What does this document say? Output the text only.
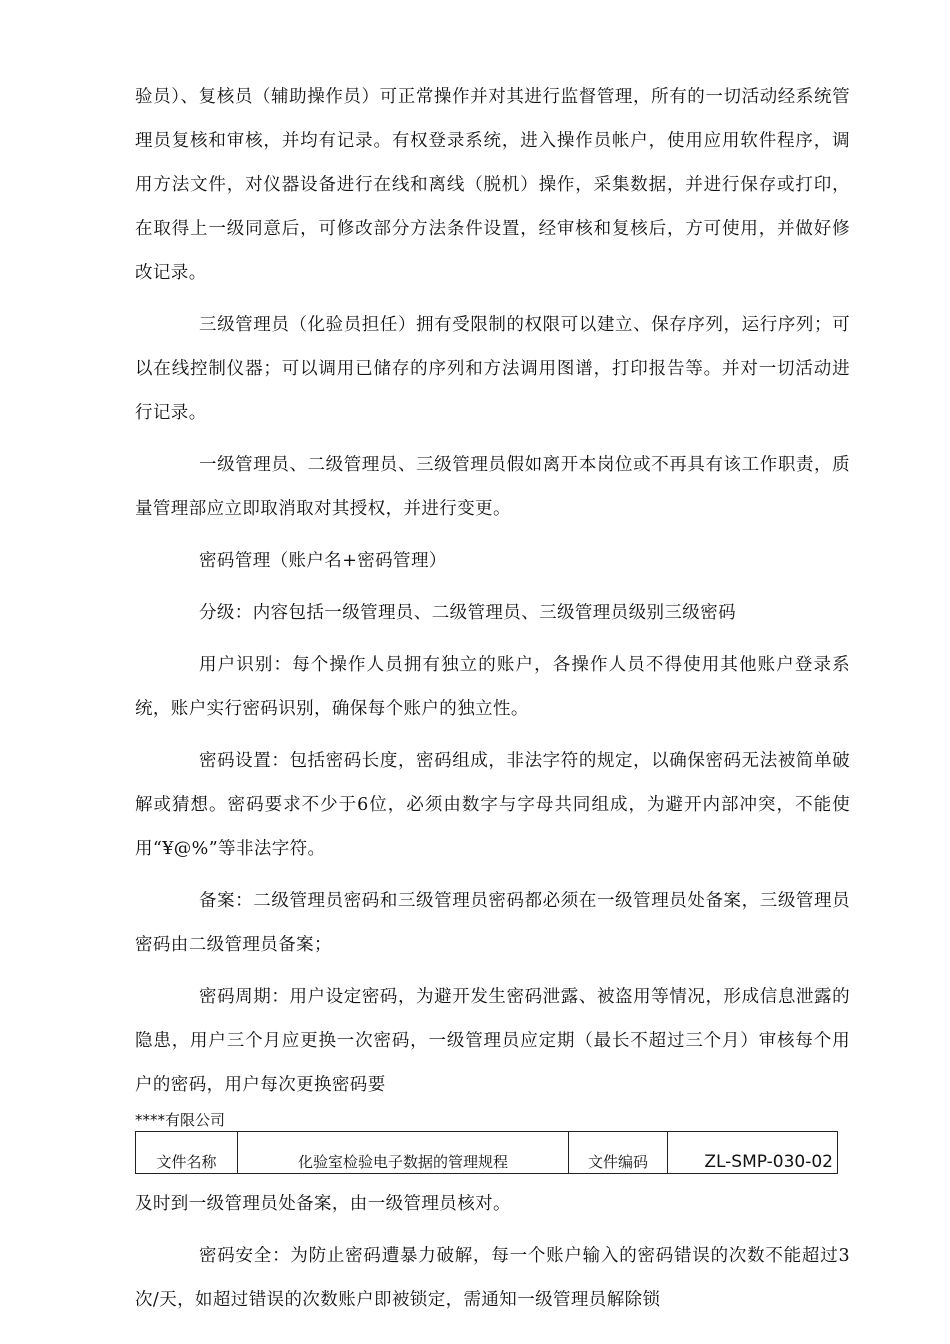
验员）、复核员（辅助操作员）可正常操作并对其进行监督管理，所有的一切活动经系统管理员复核和审核，并均有记录。有权登录系统，进入操作员帐户，使用应用软件程序，调用方法文件，对仪器设备进行在线和离线（脱机）操作，采集数据，并进行保存或打印，在取得上一级同意后，可修改部分方法条件设置，经审核和复核后，方可使用，并做好修改记录。

三级管理员（化验员担任）拥有受限制的权限可以建立、保存序列，运行序列；可以在线控制仪器；可以调用已储存的序列和方法调用图谱，打印报告等。并对一切活动进行记录。

一级管理员、二级管理员、三级管理员假如离开本岗位或不再具有该工作职责，质量管理部应立即取消取对其授权，并进行变更。

密码管理（账户名+密码管理）

分级：内容包括一级管理员、二级管理员、三级管理员级别三级密码

用户识别：每个操作人员拥有独立的账户，各操作人员不得使用其他账户登录系统，账户实行密码识别，确保每个账户的独立性。

密码设置：包括密码长度，密码组成，非法字符的规定，以确保密码无法被简单破解或猜想。密码要求不少于6位，必须由数字与字母共同组成，为避开内部冲突，不能使用“¥@%”等非法字符。

备案：二级管理员密码和三级管理员密码都必须在一级管理员处备案，三级管理员密码由二级管理员备案；

密码周期：用户设定密码，为避开发生密码泄露、被盗用等情况，形成信息泄露的隐患，用户三个月应更换一次密码，一级管理员应定期（最长不超过三个月）审核每个用户的密码，用户每次更换密码要

****有限公司
文件名称	化验室检验电子数据的管理规程	文件编码	ZL-SMP-030-02

及时到一级管理员处备案，由一级管理员核对。

密码安全：为防止密码遭暴力破解，每一个账户输入的密码错误的次数不能超过3次/天，如超过错误的次数账户即被锁定，需通知一级管理员解除锁
